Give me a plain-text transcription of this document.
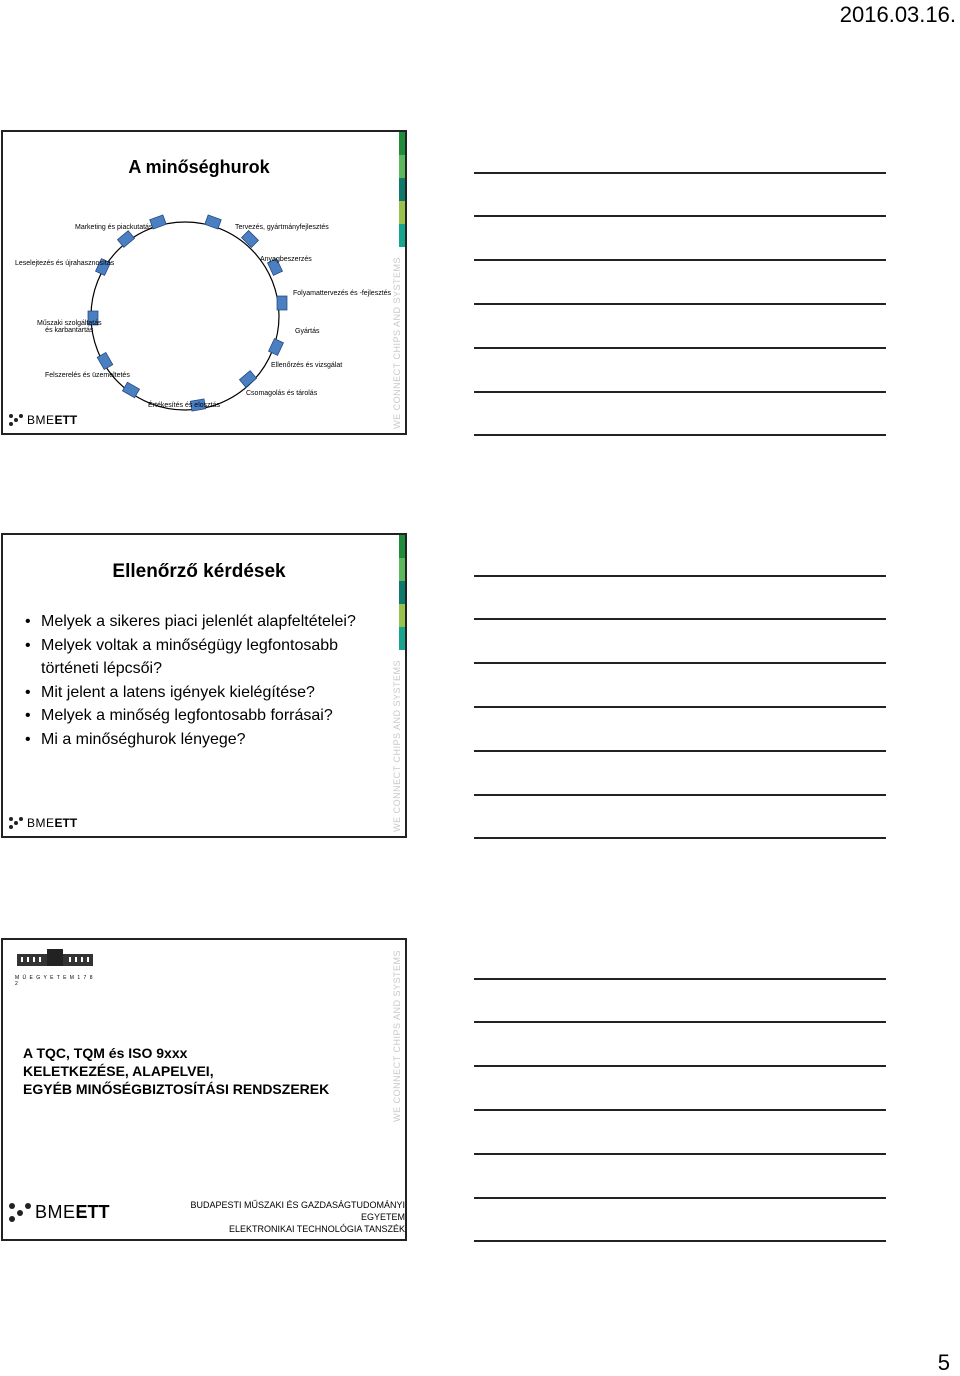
2016.03.16.
WE CONNECT CHIPS AND SYSTEMS
A minőséghurok
Marketing és piackutatás	Tervezés, gyártmányfejlesztés
Leselejtezés és újrahasznosítás
Anyagbeszerzés
Folyamattervezés és -fejlesztés
Műszaki szolgáltatás
és karbantartás	Gyártás
Felszerelés és üzemeltetés
Ellenőrzés és vizsgálat
Csomagolás és tárolás
Értékesítés és elosztás
BME ETT
WE CONNECT CHIPS AND SYSTEMS
Ellenőrző kérdések
• Melyek a sikeres piaci jelenlét alapfeltételei?
• Melyek voltak a minőségügy legfontosabb történeti lépcsői?
• Mit jelent a latens igények kielégítése?
• Melyek a minőség legfontosabb forrásai?
• Mi a minőséghurok lényege?
BME ETT
M Ű E G Y E T E M 1 7 8 2	WE CONNECT CHIPS AND SYSTEMS
A TQC, TQM és ISO 9xxx
KELETKEZÉSE, ALAPELVEI,
EGYÉB MINŐSÉGBIZTOSÍTÁSI RENDSZEREK
BME ETT	BUDAPESTI MŰSZAKI ÉS GAZDASÁGTUDOMÁNYI EGYETEM
ELEKTRONIKAI TECHNOLÓGIA TANSZÉK
5
